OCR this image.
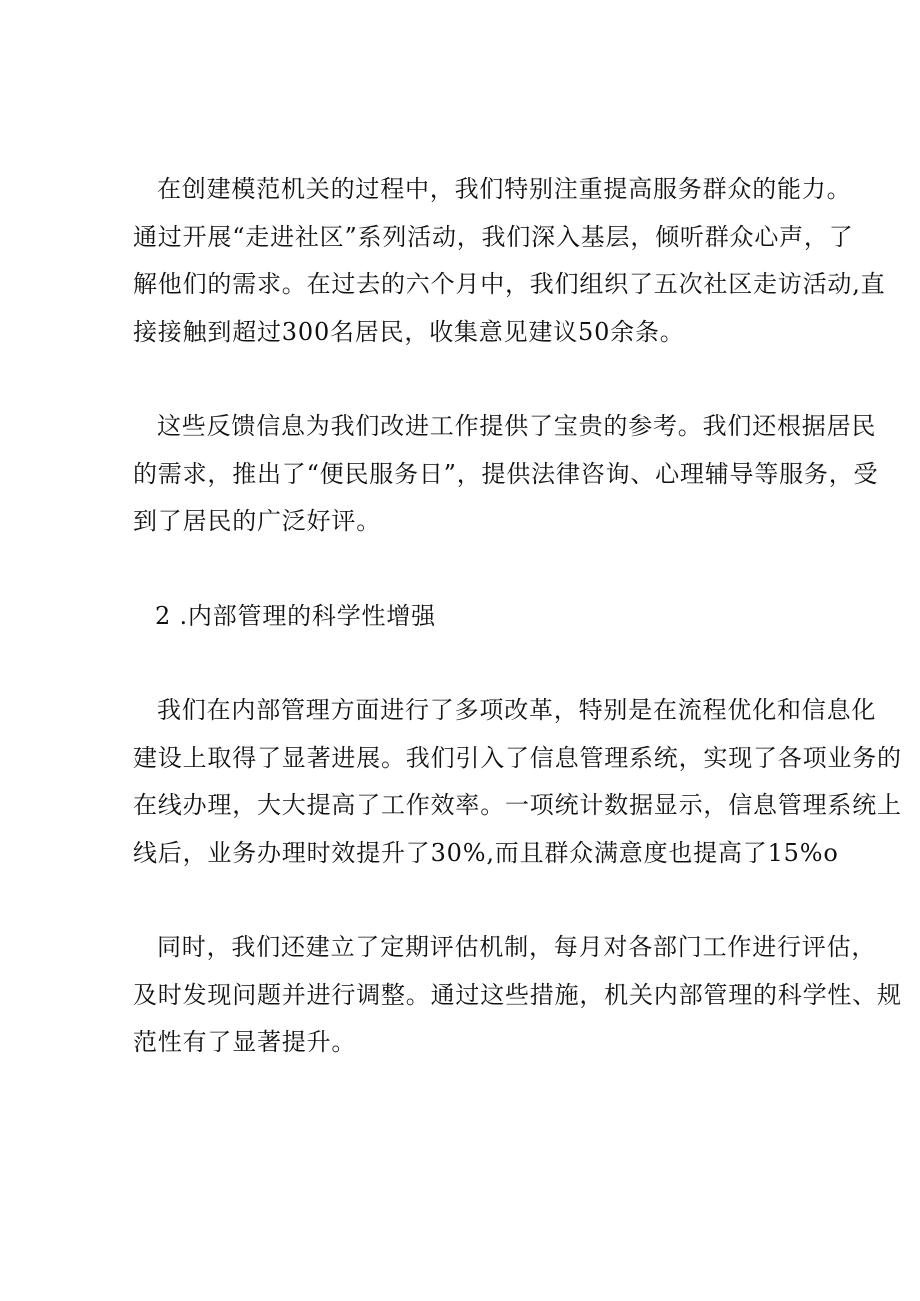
在创建模范机关的过程中，我们特别注重提高服务群众的能力。
通过开展“走进社区”系列活动，我们深入基层，倾听群众心声，了
解他们的需求。在过去的六个月中，我们组织了五次社区走访活动,直
接接触到超过300名居民，收集意见建议50余条。
这些反馈信息为我们改进工作提供了宝贵的参考。我们还根据居民
的需求，推出了“便民服务日”，提供法律咨询、心理辅导等服务，受
到了居民的广泛好评。
2 .内部管理的科学性增强
我们在内部管理方面进行了多项改革，特别是在流程优化和信息化
建设上取得了显著进展。我们引入了信息管理系统，实现了各项业务的
在线办理，大大提高了工作效率。一项统计数据显示，信息管理系统上
线后，业务办理时效提升了30%,而且群众满意度也提高了15%o
同时，我们还建立了定期评估机制，每月对各部门工作进行评估，
及时发现问题并进行调整。通过这些措施，机关内部管理的科学性、规
范性有了显著提升。
